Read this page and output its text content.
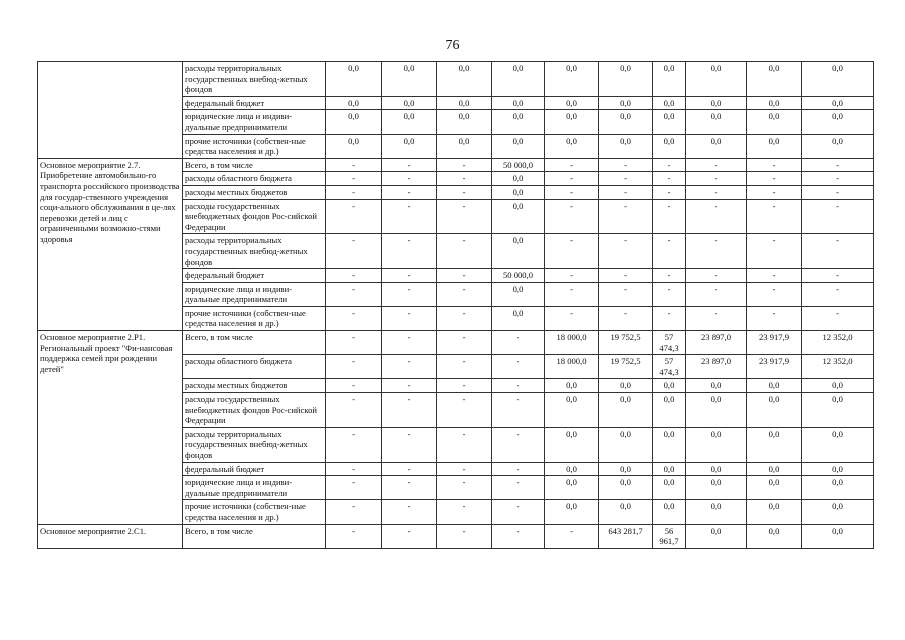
76
	расходы территориальных государственных внебюд-жетных фондов	0,0	0,0	0,0	0,0	0,0	0,0	0,0	0,0	0,0	0,0
	федеральный бюджет	0,0	0,0	0,0	0,0	0,0	0,0	0,0	0,0	0,0	0,0
	юридические лица и индиви-дуальные предприниматели	0,0	0,0	0,0	0,0	0,0	0,0	0,0	0,0	0,0	0,0
	прочие источники (собствен-ные средства населения и др.)	0,0	0,0	0,0	0,0	0,0	0,0	0,0	0,0	0,0	0,0
Основное мероприятие 2.7. Приобретение автомобильно-го транспорта российского производства для государ-ственного учреждения соци-ального обслуживания в це-лях перевозки детей и лиц с ограниченными возможно-стями здоровья	Всего, в том числе	-	-	-	50 000,0	-	-	-	-	-	-
	расходы областного бюджета	-	-	-	0,0	-	-	-	-	-	-
	расходы местных бюджетов	-	-	-	0,0	-	-	-	-	-	-
	расходы государственных внебюджетных фондов Рос-сийской Федерации	-	-	-	0,0	-	-	-	-	-	-
	расходы территориальных государственных внебюд-жетных фондов	-	-	-	0,0	-	-	-	-	-	-
	федеральный бюджет	-	-	-	50 000,0	-	-	-	-	-	-
	юридические лица и индиви-дуальные предприниматели	-	-	-	0,0	-	-	-	-	-	-
	прочие источники (собствен-ные средства населения и др.)	-	-	-	0,0	-	-	-	-	-	-
Основное мероприятие 2.Р1. Региональный проект "Фи-нансовая поддержка семей при рождении детей"	Всего, в том числе	-	-	-	-	18 000,0	19 752,5	57 474,3	23 897,0	23 917,9	12 352,0
	расходы областного бюджета	-	-	-	-	18 000,0	19 752,5	57 474,3	23 897,0	23 917,9	12 352,0
	расходы местных бюджетов	-	-	-	-	0,0	0,0	0,0	0,0	0,0	0,0
	расходы государственных внебюджетных фондов Рос-сийской Федерации	-	-	-	-	0,0	0,0	0,0	0,0	0,0	0,0
	расходы территориальных государственных внебюд-жетных фондов	-	-	-	-	0,0	0,0	0,0	0,0	0,0	0,0
	федеральный бюджет	-	-	-	-	0,0	0,0	0,0	0,0	0,0	0,0
	юридические лица и индиви-дуальные предприниматели	-	-	-	-	0,0	0,0	0,0	0,0	0,0	0,0
	прочие источники (собствен-ные средства населения и др.)	-	-	-	-	0,0	0,0	0,0	0,0	0,0	0,0
Основное мероприятие 2.С1.	Всего, в том числе	-	-	-	-	-	643 281,7	56 961,7	0,0	0,0	0,0
